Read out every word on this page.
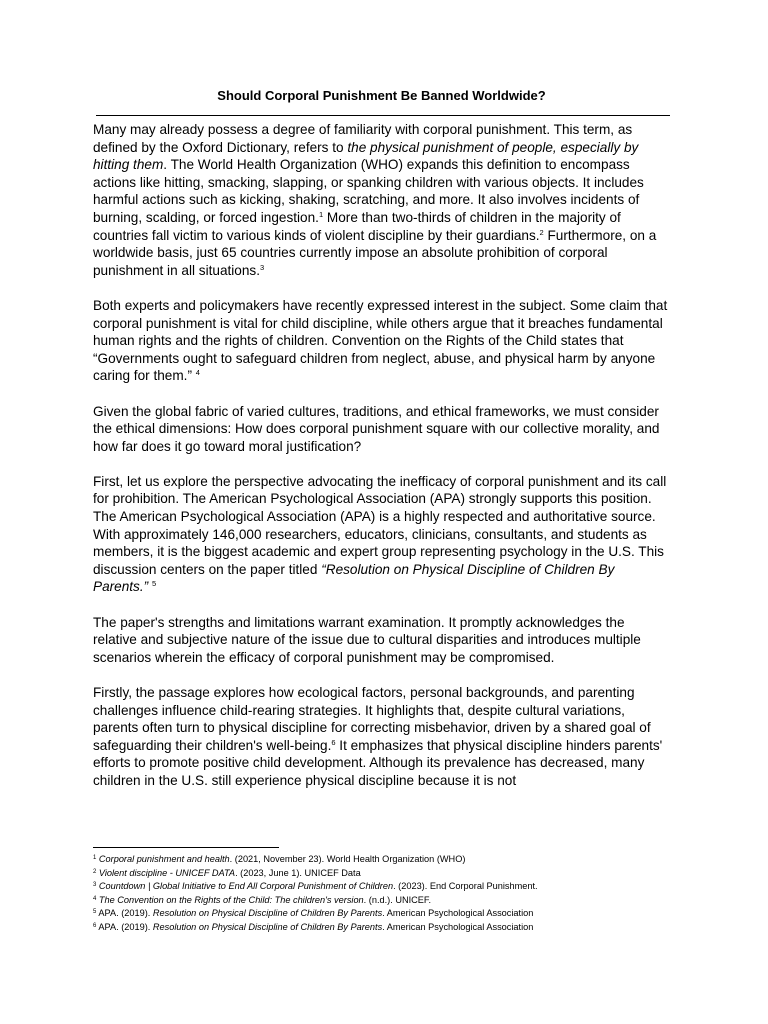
Should Corporal Punishment Be Banned Worldwide?

Many may already possess a degree of familiarity with corporal punishment. This term, as defined by the Oxford Dictionary, refers to the physical punishment of people, especially by hitting them. The World Health Organization (WHO) expands this definition to encompass actions like hitting, smacking, slapping, or spanking children with various objects. It includes harmful actions such as kicking, shaking, scratching, and more. It also involves incidents of burning, scalding, or forced ingestion.$^1$ More than two-thirds of children in the majority of countries fall victim to various kinds of violent discipline by their guardians.$^2$ Furthermore, on a worldwide basis, just 65 countries currently impose an absolute prohibition of corporal punishment in all situations.$^3$

Both experts and policymakers have recently expressed interest in the subject. Some claim that corporal punishment is vital for child discipline, while others argue that it breaches fundamental human rights and the rights of children. Convention on the Rights of the Child states that “Governments ought to safeguard children from neglect, abuse, and physical harm by anyone caring for them.” $^4$

Given the global fabric of varied cultures, traditions, and ethical frameworks, we must consider the ethical dimensions: How does corporal punishment square with our collective morality, and how far does it go toward moral justification?

First, let us explore the perspective advocating the inefficacy of corporal punishment and its call for prohibition. The American Psychological Association (APA) strongly supports this position. The American Psychological Association (APA) is a highly respected and authoritative source. With approximately 146,000 researchers, educators, clinicians, consultants, and students as members, it is the biggest academic and expert group representing psychology in the U.S. This discussion centers on the paper titled “Resolution on Physical Discipline of Children By Parents.” $^5$

The paper's strengths and limitations warrant examination. It promptly acknowledges the relative and subjective nature of the issue due to cultural disparities and introduces multiple scenarios wherein the efficacy of corporal punishment may be compromised.

Firstly, the passage explores how ecological factors, personal backgrounds, and parenting challenges influence child-rearing strategies. It highlights that, despite cultural variations, parents often turn to physical discipline for correcting misbehavior, driven by a shared goal of safeguarding their children's well-being.$^6$ It emphasizes that physical discipline hinders parents' efforts to promote positive child development. Although its prevalence has decreased, many children in the U.S. still experience physical discipline because it is not

$^1$ Corporal punishment and health. (2021, November 23). World Health Organization (WHO)
$^2$ Violent discipline - UNICEF DATA. (2023, June 1). UNICEF Data
$^3$ Countdown | Global Initiative to End All Corporal Punishment of Children. (2023). End Corporal Punishment.
$^4$ The Convention on the Rights of the Child: The children's version. (n.d.). UNICEF.
$^5$ APA. (2019). Resolution on Physical Discipline of Children By Parents. American Psychological Association
$^6$ APA. (2019). Resolution on Physical Discipline of Children By Parents. American Psychological Association
